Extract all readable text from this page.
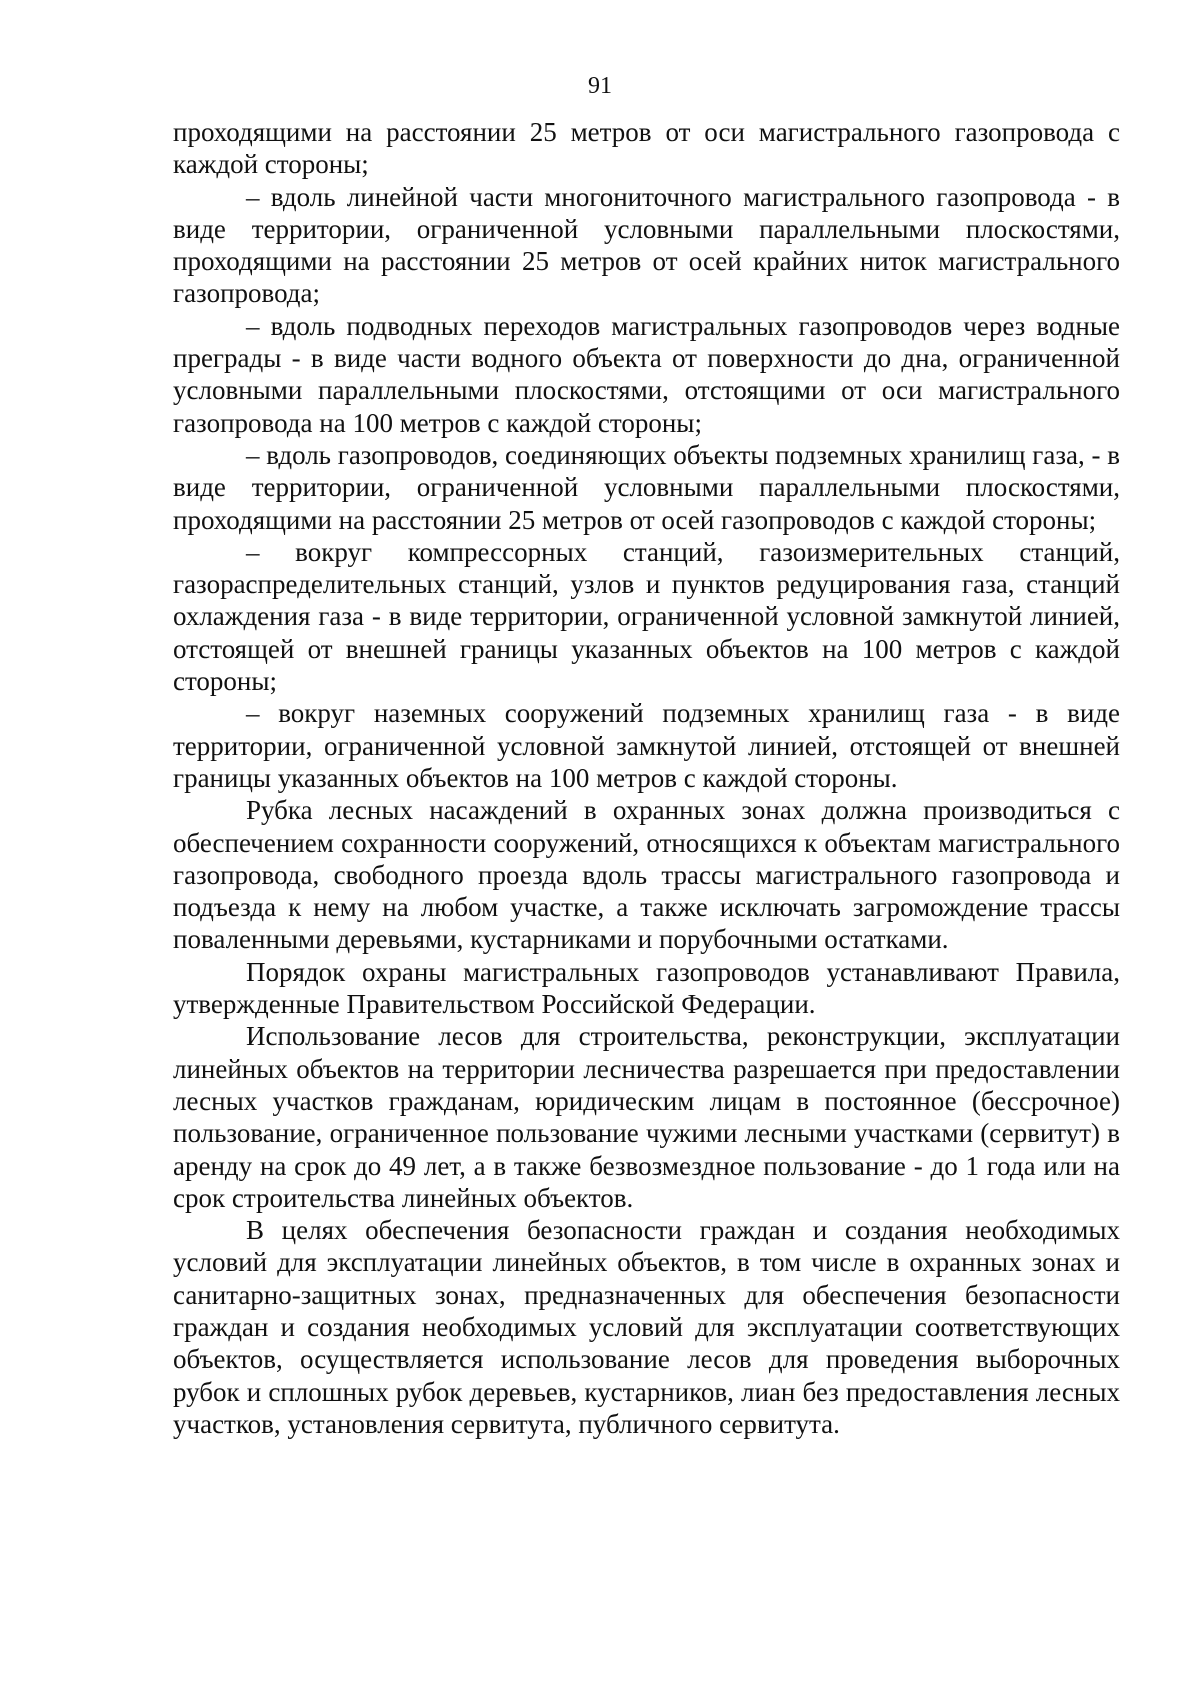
91

проходящими на расстоянии 25 метров от оси магистрального газопровода с каждой стороны;

– вдоль линейной части многониточного магистрального газопровода - в виде территории, ограниченной условными параллельными плоскостями, проходящими на расстоянии 25 метров от осей крайних ниток магистрального газопровода;

– вдоль подводных переходов магистральных газопроводов через водные преграды - в виде части водного объекта от поверхности до дна, ограниченной условными параллельными плоскостями, отстоящими от оси магистрального газопровода на 100 метров с каждой стороны;

– вдоль газопроводов, соединяющих объекты подземных хранилищ газа, - в виде территории, ограниченной условными параллельными плоскостями, проходящими на расстоянии 25 метров от осей газопроводов с каждой стороны;

– вокруг компрессорных станций, газоизмерительных станций, газораспределительных станций, узлов и пунктов редуцирования газа, станций охлаждения газа - в виде территории, ограниченной условной замкнутой линией, отстоящей от внешней границы указанных объектов на 100 метров с каждой стороны;

– вокруг наземных сооружений подземных хранилищ газа - в виде территории, ограниченной условной замкнутой линией, отстоящей от внешней границы указанных объектов на 100 метров с каждой стороны.

Рубка лесных насаждений в охранных зонах должна производиться с обеспечением сохранности сооружений, относящихся к объектам магистрального газопровода, свободного проезда вдоль трассы магистрального газопровода и подъезда к нему на любом участке, а также исключать загромождение трассы поваленными деревьями, кустарниками и порубочными остатками.

Порядок охраны магистральных газопроводов устанавливают Правила, утвержденные Правительством Российской Федерации.

Использование лесов для строительства, реконструкции, эксплуатации линейных объектов на территории лесничества разрешается при предоставлении лесных участков гражданам, юридическим лицам в постоянное (бессрочное) пользование, ограниченное пользование чужими лесными участками (сервитут) в аренду на срок до 49 лет, а в также безвозмездное пользование - до 1 года или на срок строительства линейных объектов.

В целях обеспечения безопасности граждан и создания необходимых условий для эксплуатации линейных объектов, в том числе в охранных зонах и санитарно-защитных зонах, предназначенных для обеспечения безопасности граждан и создания необходимых условий для эксплуатации соответствующих объектов, осуществляется использование лесов для проведения выборочных рубок и сплошных рубок деревьев, кустарников, лиан без предоставления лесных участков, установления сервитута, публичного сервитута.
